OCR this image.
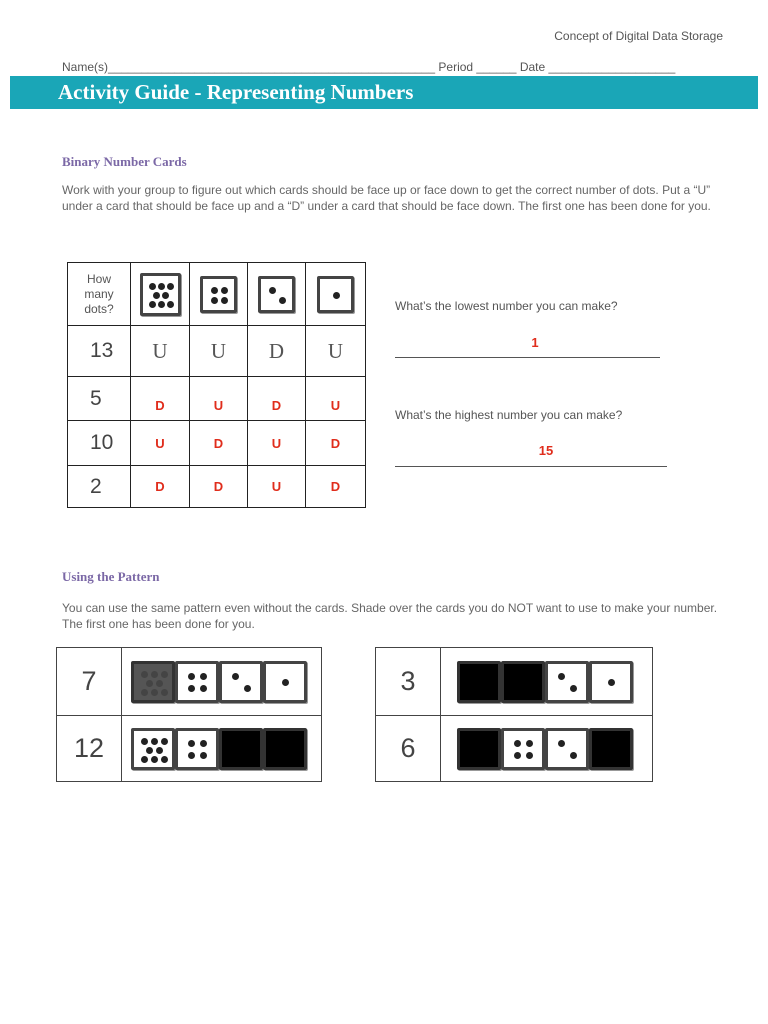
Concept of Digital Data Storage
Name(s)_________________________________________________ Period ______ Date ___________________
Activity Guide - Representing Numbers
Binary Number Cards
Work with your group to figure out which cards should be face up or face down to get the correct number of dots. Put a “U” under a card that should be face up and a “D” under a card that should be face down. The first one has been done for you.
How many dots?				

13	U	U	D	U
5	D	U	D	U
10	U	D	U	D
2	D	D	U	D
What’s the lowest number you can make?
1
What’s the highest number you can make?
15
Using the Pattern
You can use the same pattern even without the cards. Shade over the cards you do NOT want to use to make your number. The first one has been done for you.
7	

12	
3	

6	
